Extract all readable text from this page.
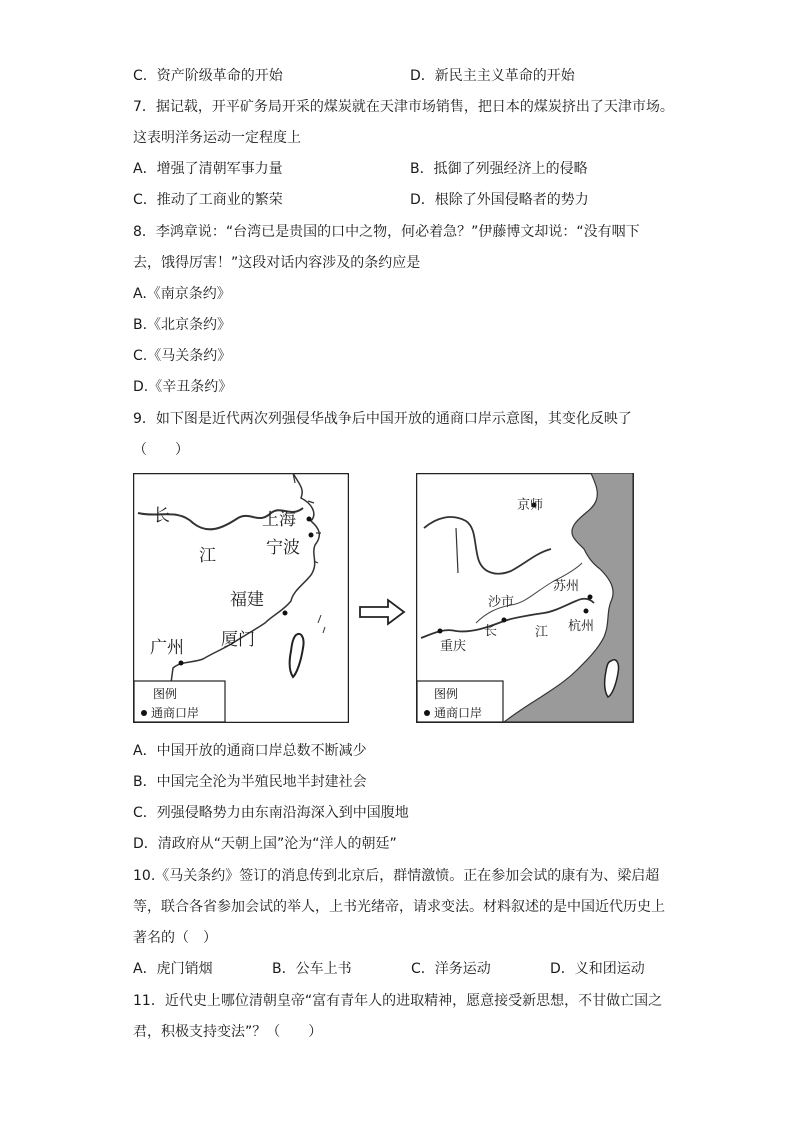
C．资产阶级革命的开始	D．新民主主义革命的开始
7．据记载，开平矿务局开采的煤炭就在天津市场销售，把日本的煤炭挤出了天津市场。
这表明洋务运动一定程度上
A．增强了清朝军事力量	B．抵御了列强经济上的侵略
C．推动了工商业的繁荣	D．根除了外国侵略者的势力
8．李鸿章说：“台湾已是贵国的口中之物，何必着急？”伊藤博文却说：“没有咽下
去，饿得厉害！”这段对话内容涉及的条约应是
A.《南京条约》
B.《北京条约》
C.《马关条约》
D.《辛丑条约》
9．如下图是近代两次列强侵华战争后中国开放的通商口岸示意图，其变化反映了
（　　）
长
江
上海
宁波
福建
厦门
广州
图例
通商口岸
京师
苏州
沙市
长	江 杭州
重庆
图例
通商口岸
A．中国开放的通商口岸总数不断减少
B．中国完全沦为半殖民地半封建社会
C．列强侵略势力由东南沿海深入到中国腹地
D．清政府从“天朝上国”沦为“洋人的朝廷”
10.《马关条约》签订的消息传到北京后，群情激愤。正在参加会试的康有为、梁启超
等，联合各省参加会试的举人，上书光绪帝，请求变法。材料叙述的是中国近代历史上
著名的（　）
A．虎门销烟	B．公车上书	C．洋务运动	D．义和团运动
11．近代史上哪位清朝皇帝“富有青年人的进取精神，愿意接受新思想，不甘做亡国之
君，积极支持变法”？（　　）
